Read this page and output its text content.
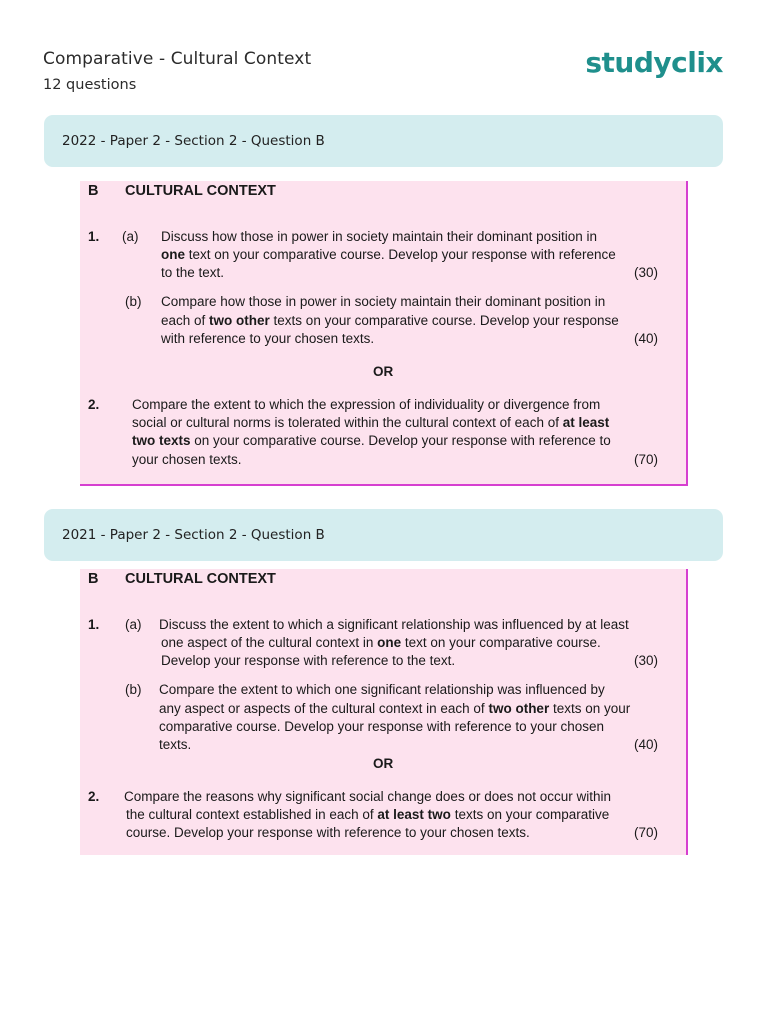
Comparative - Cultural Context
12 questions
studyclix
2022 - Paper 2 - Section 2 - Question B
B CULTURAL CONTEXT
1. (a) Discuss how those in power in society maintain their dominant position in
one text on your comparative course. Develop your response with reference
to the text.	(30)
(b) Compare how those in power in society maintain their dominant position in
each of two other texts on your comparative course. Develop your response
with reference to your chosen texts.	(40)
OR
2. Compare the extent to which the expression of individuality or divergence from
social or cultural norms is tolerated within the cultural context of each of at least
two texts on your comparative course. Develop your response with reference to
your chosen texts.	(70)
2021 - Paper 2 - Section 2 - Question B
B CULTURAL CONTEXT
1. (a) Discuss the extent to which a significant relationship was influenced by at least
one aspect of the cultural context in one text on your comparative course.
Develop your response with reference to the text.	(30)
(b) Compare the extent to which one significant relationship was influenced by
any aspect or aspects of the cultural context in each of two other texts on your
comparative course. Develop your response with reference to your chosen
texts.	(40)
OR
2. Compare the reasons why significant social change does or does not occur within
the cultural context established in each of at least two texts on your comparative
course. Develop your response with reference to your chosen texts.	(70)
